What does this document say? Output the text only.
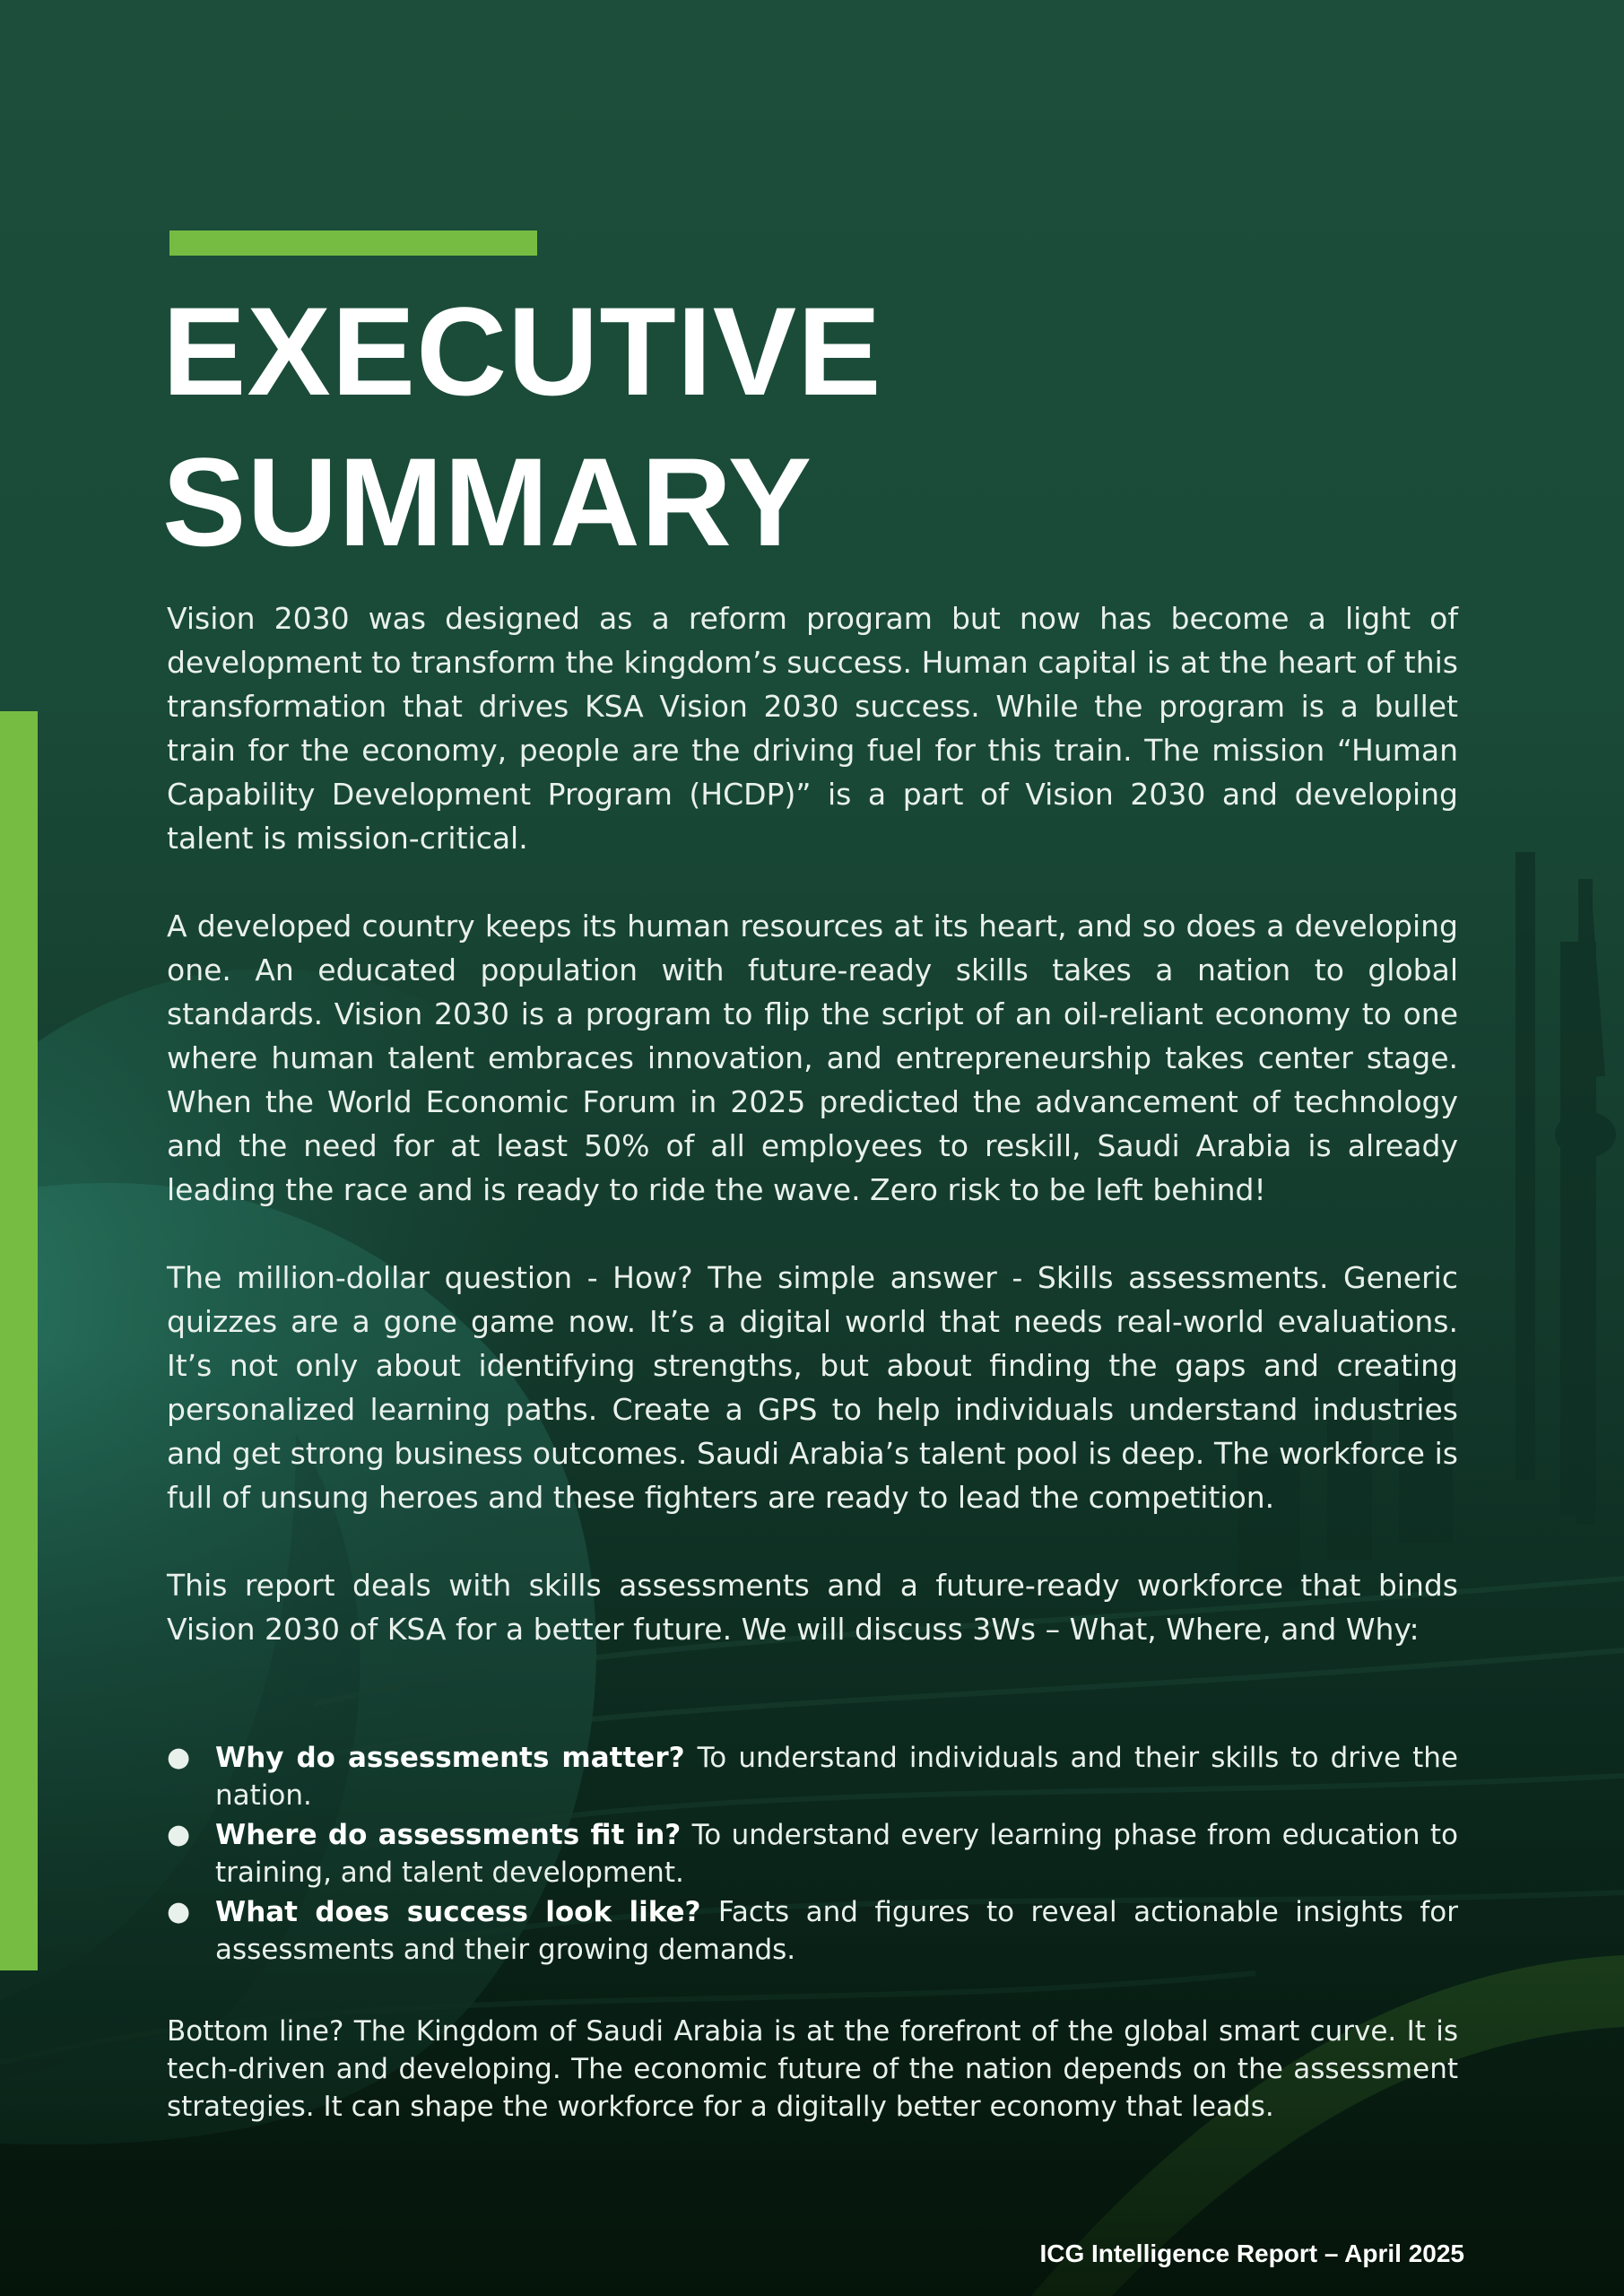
EXECUTIVE
SUMMARY

Vision 2030 was designed as a reform program but now has become a light of development to transform the kingdom’s success. Human capital is at the heart of this transformation that drives KSA Vision 2030 success. While the program is a bullet train for the economy, people are the driving fuel for this train. The mission “Human Capability Development Program (HCDP)” is a part of Vision 2030 and developing talent is mission-critical.

A developed country keeps its human resources at its heart, and so does a developing one. An educated population with future-ready skills takes a nation to global standards. Vision 2030 is a program to flip the script of an oil-reliant economy to one where human talent embraces innovation, and entrepreneurship takes center stage. When the World Economic Forum in 2025 predicted the advancement of technology and the need for at least 50% of all employees to reskill, Saudi Arabia is already leading the race and is ready to ride the wave. Zero risk to be left behind!

The million-dollar question - How? The simple answer - Skills assessments. Generic quizzes are a gone game now. It’s a digital world that needs real-world evaluations. It’s not only about identifying strengths, but about finding the gaps and creating personalized learning paths. Create a GPS to help individuals understand industries and get strong business outcomes. Saudi Arabia’s talent pool is deep. The workforce is full of unsung heroes and these fighters are ready to lead the competition.

This report deals with skills assessments and a future-ready workforce that binds Vision 2030 of KSA for a better future. We will discuss 3Ws – What, Where, and Why:

● Why do assessments matter? To understand individuals and their skills to drive the nation.
● Where do assessments fit in? To understand every learning phase from education to training, and talent development.
● What does success look like? Facts and figures to reveal actionable insights for assessments and their growing demands.

Bottom line? The Kingdom of Saudi Arabia is at the forefront of the global smart curve. It is tech-driven and developing. The economic future of the nation depends on the assessment strategies. It can shape the workforce for a digitally better economy that leads.

ICG Intelligence Report – April 2025
